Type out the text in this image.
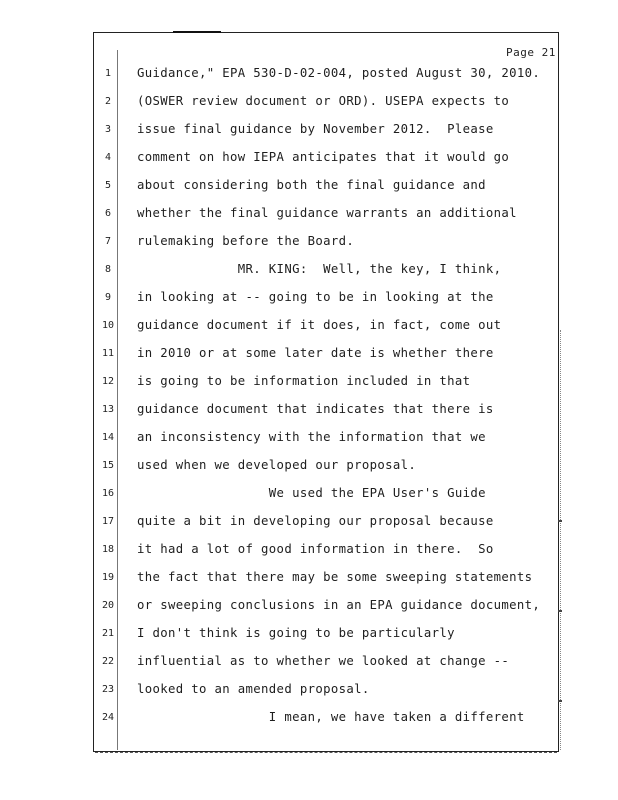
Page 21
1	Guidance," EPA 530-D-02-004, posted August 30, 2010.
2	(OSWER review document or ORD). USEPA expects to
3	issue final guidance by November 2012.  Please
4	comment on how IEPA anticipates that it would go
5	about considering both the final guidance and
6	whether the final guidance warrants an additional
7	rulemaking before the Board.
8	MR. KING:  Well, the key, I think,
9	in looking at -- going to be in looking at the
10	guidance document if it does, in fact, come out
11	in 2010 or at some later date is whether there
12	is going to be information included in that
13	guidance document that indicates that there is
14	an inconsistency with the information that we
15	used when we developed our proposal.
16	We used the EPA User's Guide
17	quite a bit in developing our proposal because
18	it had a lot of good information in there.  So
19	the fact that there may be some sweeping statements
20	or sweeping conclusions in an EPA guidance document,
21	I don't think is going to be particularly
22	influential as to whether we looked at change --
23	looked to an amended proposal.
24	I mean, we have taken a different
